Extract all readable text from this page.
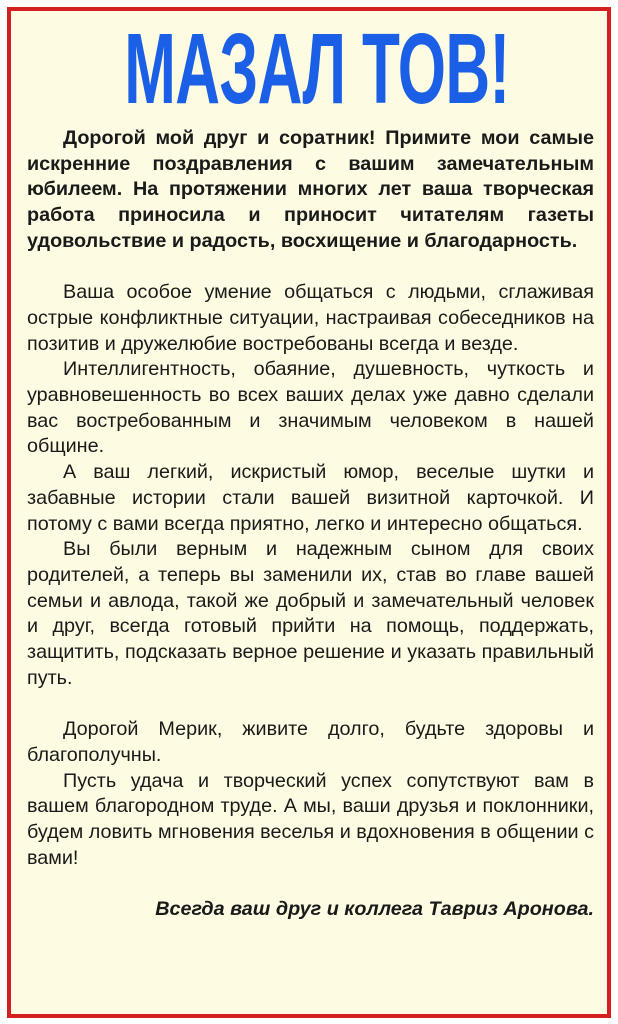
МАЗАЛ ТОВ!

Дорогой мой друг и соратник! Примите мои самые искренние поздравления с вашим замечательным юбилеем. На протяжении многих лет ваша творческая работа приносила и приносит читателям газеты удовольствие и радость, восхищение и благодарность.

Ваша особое умение общаться с людьми, сглаживая острые конфликтные ситуации, настраивая собеседников на позитив и дружелюбие востребованы всегда и везде.

Интеллигентность, обаяние, душевность, чуткость и уравновешенность во всех ваших делах уже давно сделали вас востребованным и значимым человеком в нашей общине.

А ваш легкий, искристый юмор, веселые шутки и забавные истории стали вашей визитной карточкой. И потому с вами всегда приятно, легко и интересно общаться.

Вы были верным и надежным сыном для своих родителей, а теперь вы заменили их, став во главе вашей семьи и авлода, такой же добрый и замечательный человек и друг, всегда готовый прийти на помощь, поддержать, защитить, подсказать верное решение и указать правильный путь.

Дорогой Мерик, живите долго, будьте здоровы и благополучны.

Пусть удача и творческий успех сопутствуют вам в вашем благородном труде. А мы, ваши друзья и поклонники, будем ловить мгновения веселья и вдохновения в общении с вами!

Всегда ваш друг и коллега Тавриз Аронова.
